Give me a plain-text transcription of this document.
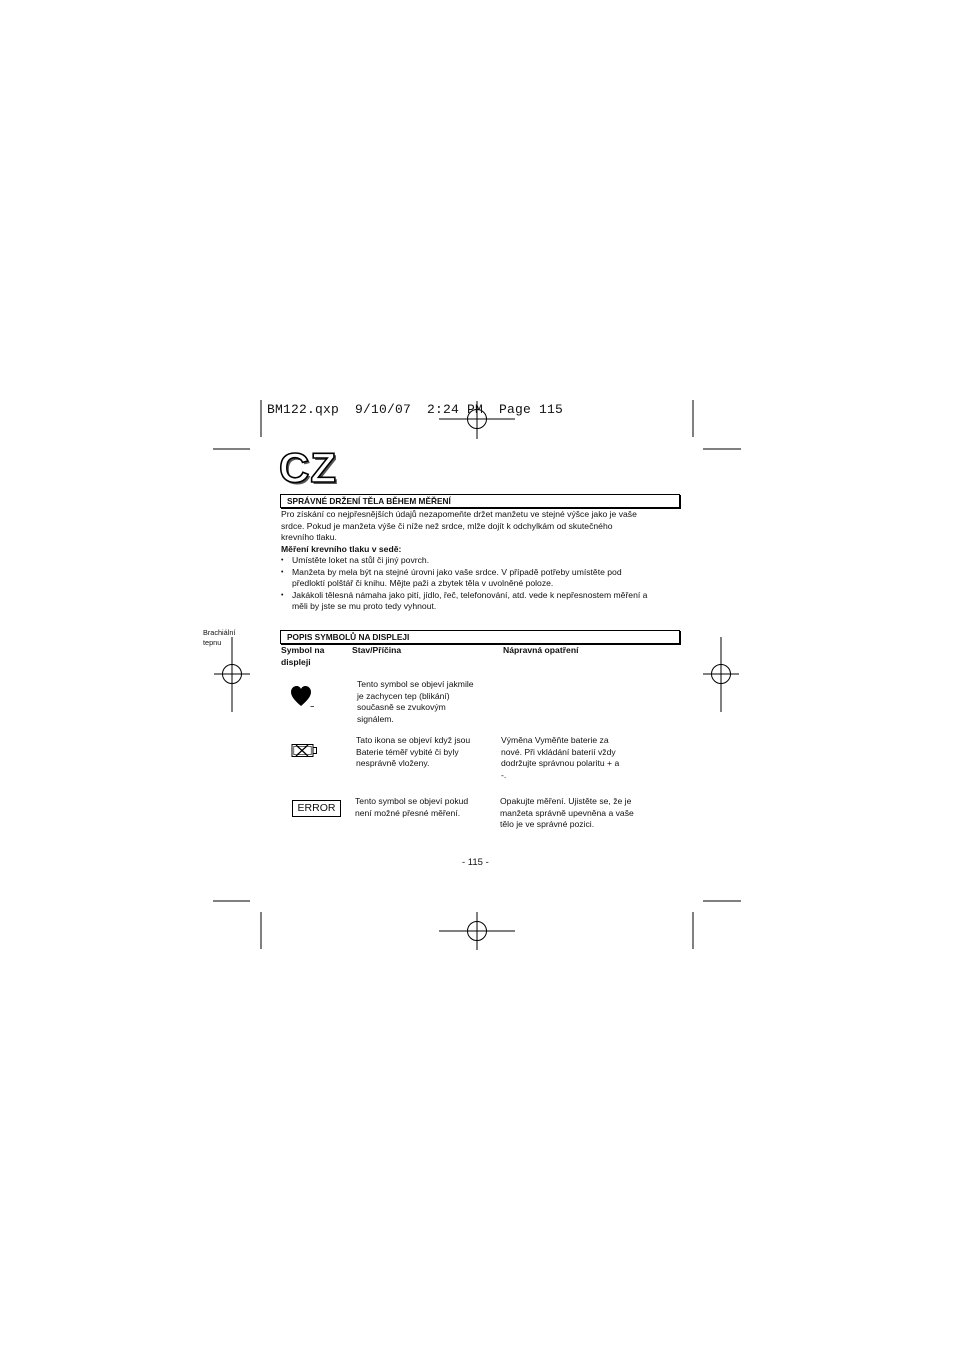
BM122.qxp  9/10/07  2:24 PM  Page 115
CZ
SPRÁVNÉ DRŽENÍ TĚLA BĚHEM MĚŘENÍ
Pro získání co nejpřesnějších údajů nezapomeňte držet manžetu ve stejné výšce jako je vaše
srdce. Pokud je manžeta výše či níže než srdce, mlže dojít k odchylkám od skutečného
krevního tlaku.
Měření krevního tlaku v sedě:
• Umístěte loket na stůl či jiný povrch.
• Manžeta by mela být na stejné úrovni jako vaše srdce. V případě potřeby umístěte pod
předloktí polštář či knihu. Mějte paži a zbytek těla v uvolněné poloze.
• Jakákoli tělesná námaha jako pití, jídlo, řeč, telefonování, atd. vede k nepřesnostem měření a
měli by jste se mu proto tedy vyhnout.
Brachiální
tepnu	POPIS SYMBOLŮ NA DISPLEJI
Symbol na
displeji
Stav/Příčina	Nápravná opatření
Tento symbol se objeví jakmile
je zachycen tep (blikání)
současně se zvukovým
signálem.
Tato ikona se objeví když jsou
Baterie téměř vybité či byly
nesprávně vloženy.
Výměna Vyměňte baterie za
nové. Při vkládání baterií vždy
dodržujte správnou polaritu + a
-.
ERROR
Tento symbol se objeví pokud
není možné přesné měření.
Opakujte měření. Ujistěte se, že je
manžeta správně upevněna a vaše
tělo je ve správné pozici.
- 115 -
